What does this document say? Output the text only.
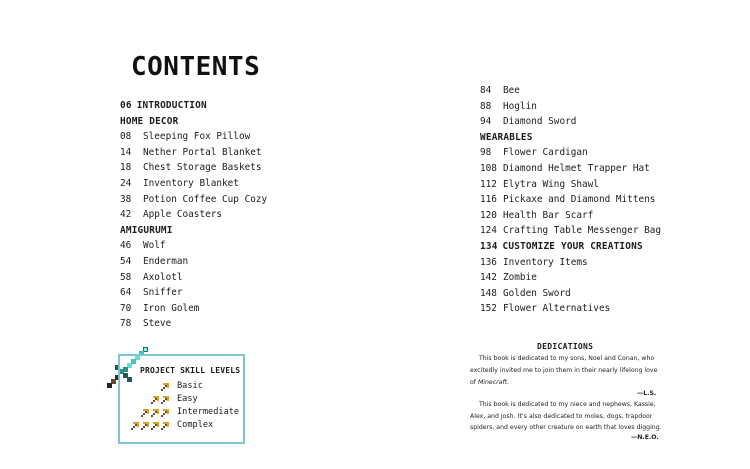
CONTENTS
06 INTRODUCTION
HOME DECOR
08 Sleeping Fox Pillow
14 Nether Portal Blanket
18 Chest Storage Baskets
24 Inventory Blanket
38 Potion Coffee Cup Cozy
42 Apple Coasters
AMIGURUMI
46 Wolf
54 Enderman
58 Axolotl
64 Sniffer
70 Iron Golem
78 Steve
84 Bee
88 Hoglin
94 Diamond Sword
WEARABLES
98 Flower Cardigan
108 Diamond Helmet Trapper Hat
112 Elytra Wing Shawl
116 Pickaxe and Diamond Mittens
120 Health Bar Scarf
124 Crafting Table Messenger Bag
134 CUSTOMIZE YOUR CREATIONS
136 Inventory Items
142 Zombie
148 Golden Sword
152 Flower Alternatives
PROJECT SKILL LEVELS
Basic
Easy
Intermediate
Complex
DEDICATIONS
This book is dedicated to my sons, Noel and Conan, who
excitedly invited me to join them in their nearly lifelong love
of Minecraft.
—L.S.
This book is dedicated to my niece and nephews, Kassie,
Alex, and Josh. It’s also dedicated to moles, dogs, trapdoor
spiders, and every other creature on earth that loves digging.
—N.E.O.
